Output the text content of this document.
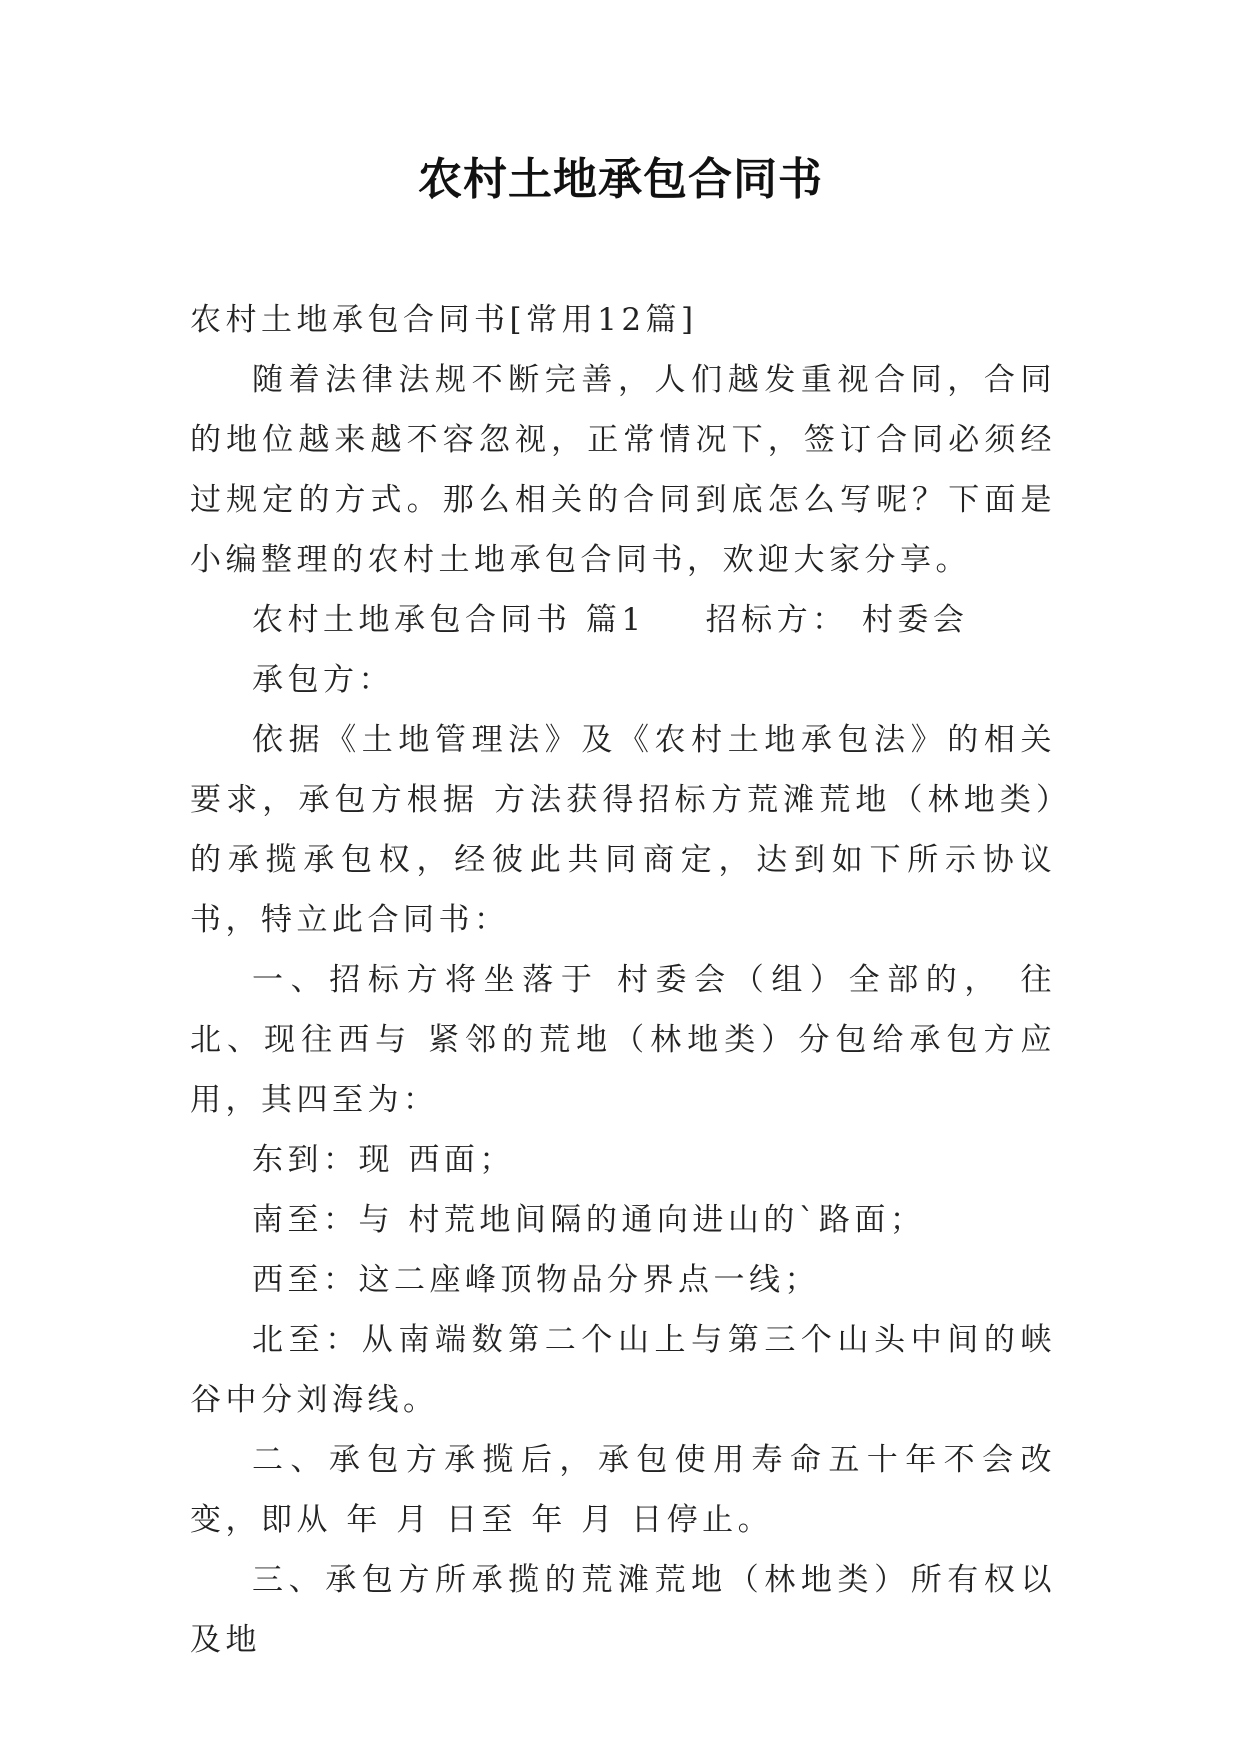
农村土地承包合同书

农村土地承包合同书[常用12篇]

随着法律法规不断完善，人们越发重视合同，合同的地位越来越不容忽视，正常情况下，签订合同必须经过规定的方式。那么相关的合同到底怎么写呢？下面是小编整理的农村土地承包合同书，欢迎大家分享。

农村土地承包合同书 篇1 招标方： 村委会

承包方：

依据《土地管理法》及《农村土地承包法》的相关要求，承包方根据 方法获得招标方荒滩荒地（林地类）的承揽承包权，经彼此共同商定，达到如下所示协议书，特立此合同书：

一、招标方将坐落于 村委会（组）全部的， 往北、现往西与 紧邻的荒地（林地类）分包给承包方应用，其四至为：

东到：现 西面；

南至：与 村荒地间隔的通向进山的`路面；

西至：这二座峰顶物品分界点一线；

北至：从南端数第二个山上与第三个山头中间的峡谷中分刘海线。

二、承包方承揽后，承包使用寿命五十年不会改变，即从 年 月 日至 年 月 日停止。

三、承包方所承揽的荒滩荒地（林地类）所有权以及地
